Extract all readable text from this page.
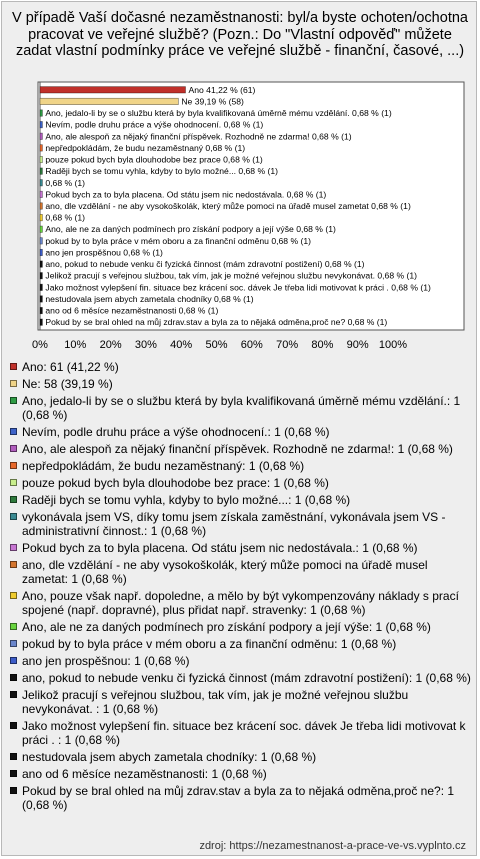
V případě Vaší dočasné nezaměstnanosti: byl/a byste ochoten/ochotna pracovat ve veřejné službě? (Pozn.: Do "Vlastní odpověď" můžete zadat vlastní podmínky práce ve veřejné službě - finanční, časové, ...)
Ano 41,22 % (61)
Ne 39,19 % (58)
Ano, jedalo-li by se o službu která by byla kvalifikovaná úměrně mému vzdělání. 0,68 % (1)
Nevím, podle druhu práce a výše ohodnocení. 0,68 % (1)
Ano, ale alespoň za nějaký finanční příspěvek. Rozhodně ne zdarma! 0,68 % (1)
nepředpokládám, že budu nezaměstnaný 0,68 % (1)
pouze pokud bych byla dlouhodobe bez prace 0,68 % (1)
Raději bych se tomu vyhla, kdyby to bylo možné... 0,68 % (1)
0,68 % (1)
Pokud bych za to byla placena. Od státu jsem nic nedostávala. 0,68 % (1)
ano, dle vzdělání - ne aby vysokoškolák, který může pomoci na úřadě musel zametat 0,68 % (1)
0,68 % (1)
Ano, ale ne za daných podmínech pro získání podpory a její výše 0,68 % (1)
pokud by to byla práce v mém oboru a za finanční odměnu 0,68 % (1)
ano jen prospěšnou 0,68 % (1)
ano, pokud to nebude venku či fyzická činnost (mám zdravotní postižení) 0,68 % (1)
Jelikož pracují s veřejnou službou, tak vím, jak je možné veřejnou službu nevykonávat. 0,68 % (1)
Jako možnost vylepšení fin. situace bez krácení soc. dávek Je třeba lidi motivovat k práci . 0,68 % (1)
nestudovala jsem abych zametala chodníky 0,68 % (1)
ano od 6 měsíce nezaměstnanosti 0,68 % (1)
Pokud by se bral ohled na můj zdrav.stav a byla za to nějaká odměna,proč ne? 0,68 % (1)
0% 10% 20% 30% 40% 50% 60% 70% 80% 90% 100%
Ano: 61 (41,22 %)
Ne: 58 (39,19 %)
Ano, jedalo-li by se o službu která by byla kvalifikovaná úměrně mému vzdělání.: 1 (0,68 %)
Nevím, podle druhu práce a výše ohodnocení.: 1 (0,68 %)
Ano, ale alespoň za nějaký finanční příspěvek. Rozhodně ne zdarma!: 1 (0,68 %)
nepředpokládám, že budu nezaměstnaný: 1 (0,68 %)
pouze pokud bych byla dlouhodobe bez prace: 1 (0,68 %)
Raději bych se tomu vyhla, kdyby to bylo možné...: 1 (0,68 %)
vykonávala jsem VS, díky tomu jsem získala zaměstnání, vykonávala jsem VS - administrativní činnost.: 1 (0,68 %)
Pokud bych za to byla placena. Od státu jsem nic nedostávala.: 1 (0,68 %)
ano, dle vzdělání - ne aby vysokoškolák, který může pomoci na úřadě musel zametat: 1 (0,68 %)
Ano, pouze však např. dopoledne, a mělo by být vykompenzovány náklady s prací spojené (např. dopravné), plus přidat např. stravenky: 1 (0,68 %)
Ano, ale ne za daných podmínech pro získání podpory a její výše: 1 (0,68 %)
pokud by to byla práce v mém oboru a za finanční odměnu: 1 (0,68 %)
ano jen prospěšnou: 1 (0,68 %)
ano, pokud to nebude venku či fyzická činnost (mám zdravotní postižení): 1 (0,68 %)
Jelikož pracují s veřejnou službou, tak vím, jak je možné veřejnou službu nevykonávat. : 1 (0,68 %)
Jako možnost vylepšení fin. situace bez krácení soc. dávek Je třeba lidi motivovat k práci . : 1 (0,68 %)
nestudovala jsem abych zametala chodníky: 1 (0,68 %)
ano od 6 měsíce nezaměstnanosti: 1 (0,68 %)
Pokud by se bral ohled na můj zdrav.stav a byla za to nějaká odměna,proč ne?: 1 (0,68 %)
zdroj: https://nezamestnanost-a-prace-ve-vs.vyplnto.cz
